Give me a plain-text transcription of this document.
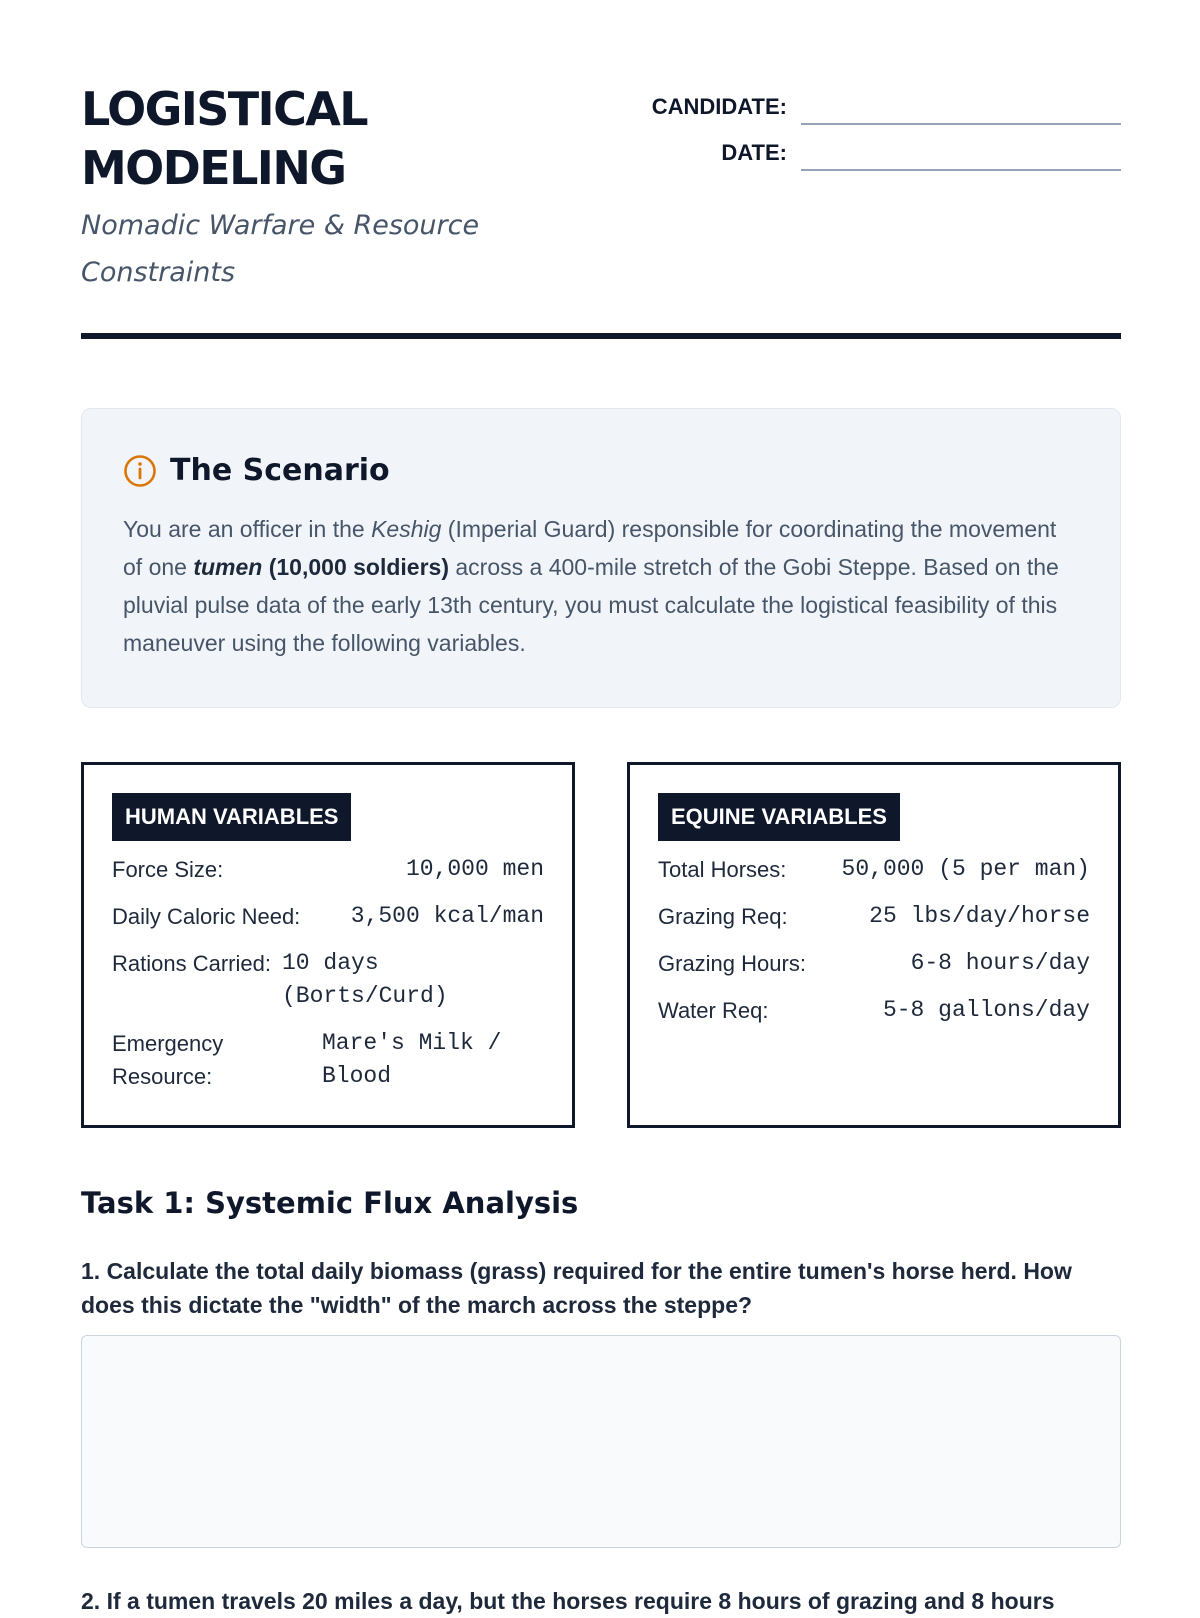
LOGISTICAL
MODELING
Nomadic Warfare & Resource
Constraints
CANDIDATE:
DATE:
The Scenario

You are an officer in the Keshig (Imperial Guard) responsible for coordinating the movement of one tumen (10,000 soldiers) across a 400-mile stretch of the Gobi Steppe. Based on the pluvial pulse data of the early 13th century, you must calculate the logistical feasibility of this maneuver using the following variables.

HUMAN VARIABLES
Force Size:	10,000 men
Daily Caloric Need: 3,500 kcal/man
Rations Carried: 10 days (Borts/Curd)
Emergency Resource:
Mare's Milk / Blood
EQUINE VARIABLES
Total Horses: 50,000 (5 per man)
Grazing Req:	25 lbs/day/horse
Grazing Hours:	6-8 hours/day
Water Req:	5-8 gallons/day
Task 1: Systemic Flux Analysis

1. Calculate the total daily biomass (grass) required for the entire tumen's horse herd. How does this dictate the "width" of the march across the steppe?

2. If a tumen travels 20 miles a day, but the horses require 8 hours of grazing and 8 hours
